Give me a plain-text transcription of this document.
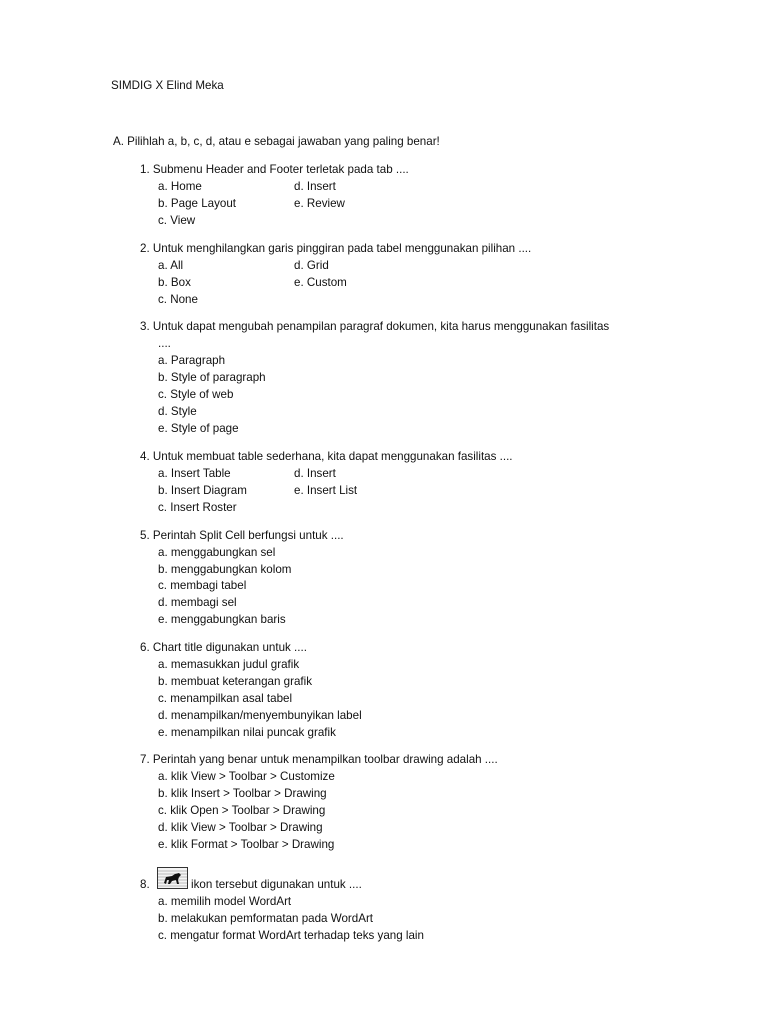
SIMDIG X Elind Meka
A. Pilihlah a, b, c, d, atau e sebagai jawaban yang paling benar!
1. Submenu Header and Footer terletak pada tab ....
a. Home
b. Page Layout
c. View
d. Insert
e. Review
2. Untuk menghilangkan garis pinggiran pada tabel menggunakan pilihan ....
a. All
b. Box
c. None
d. Grid
e. Custom
3. Untuk dapat mengubah penampilan paragraf dokumen, kita harus menggunakan fasilitas
....
a. Paragraph
b. Style of paragraph
c. Style of web
d. Style
e. Style of page
4. Untuk membuat table sederhana, kita dapat menggunakan fasilitas ....
a. Insert Table
b. Insert Diagram
c. Insert Roster
d. Insert
e. Insert List
5. Perintah Split Cell berfungsi untuk ....
a. menggabungkan sel
b. menggabungkan kolom
c. membagi tabel
d. membagi sel
e. menggabungkan baris
6. Chart title digunakan untuk ....
a. memasukkan judul grafik
b. membuat keterangan grafik
c. menampilkan asal tabel
d. menampilkan/menyembunyikan label
e. menampilkan nilai puncak grafik
7. Perintah yang benar untuk menampilkan toolbar drawing adalah ....
a. klik View > Toolbar > Customize
b. klik Insert > Toolbar > Drawing
c. klik Open > Toolbar > Drawing
d. klik View > Toolbar > Drawing
e. klik Format > Toolbar > Drawing
8.	ikon tersebut digunakan untuk ....
a. memilih model WordArt
b. melakukan pemformatan pada WordArt
c. mengatur format WordArt terhadap teks yang lain
